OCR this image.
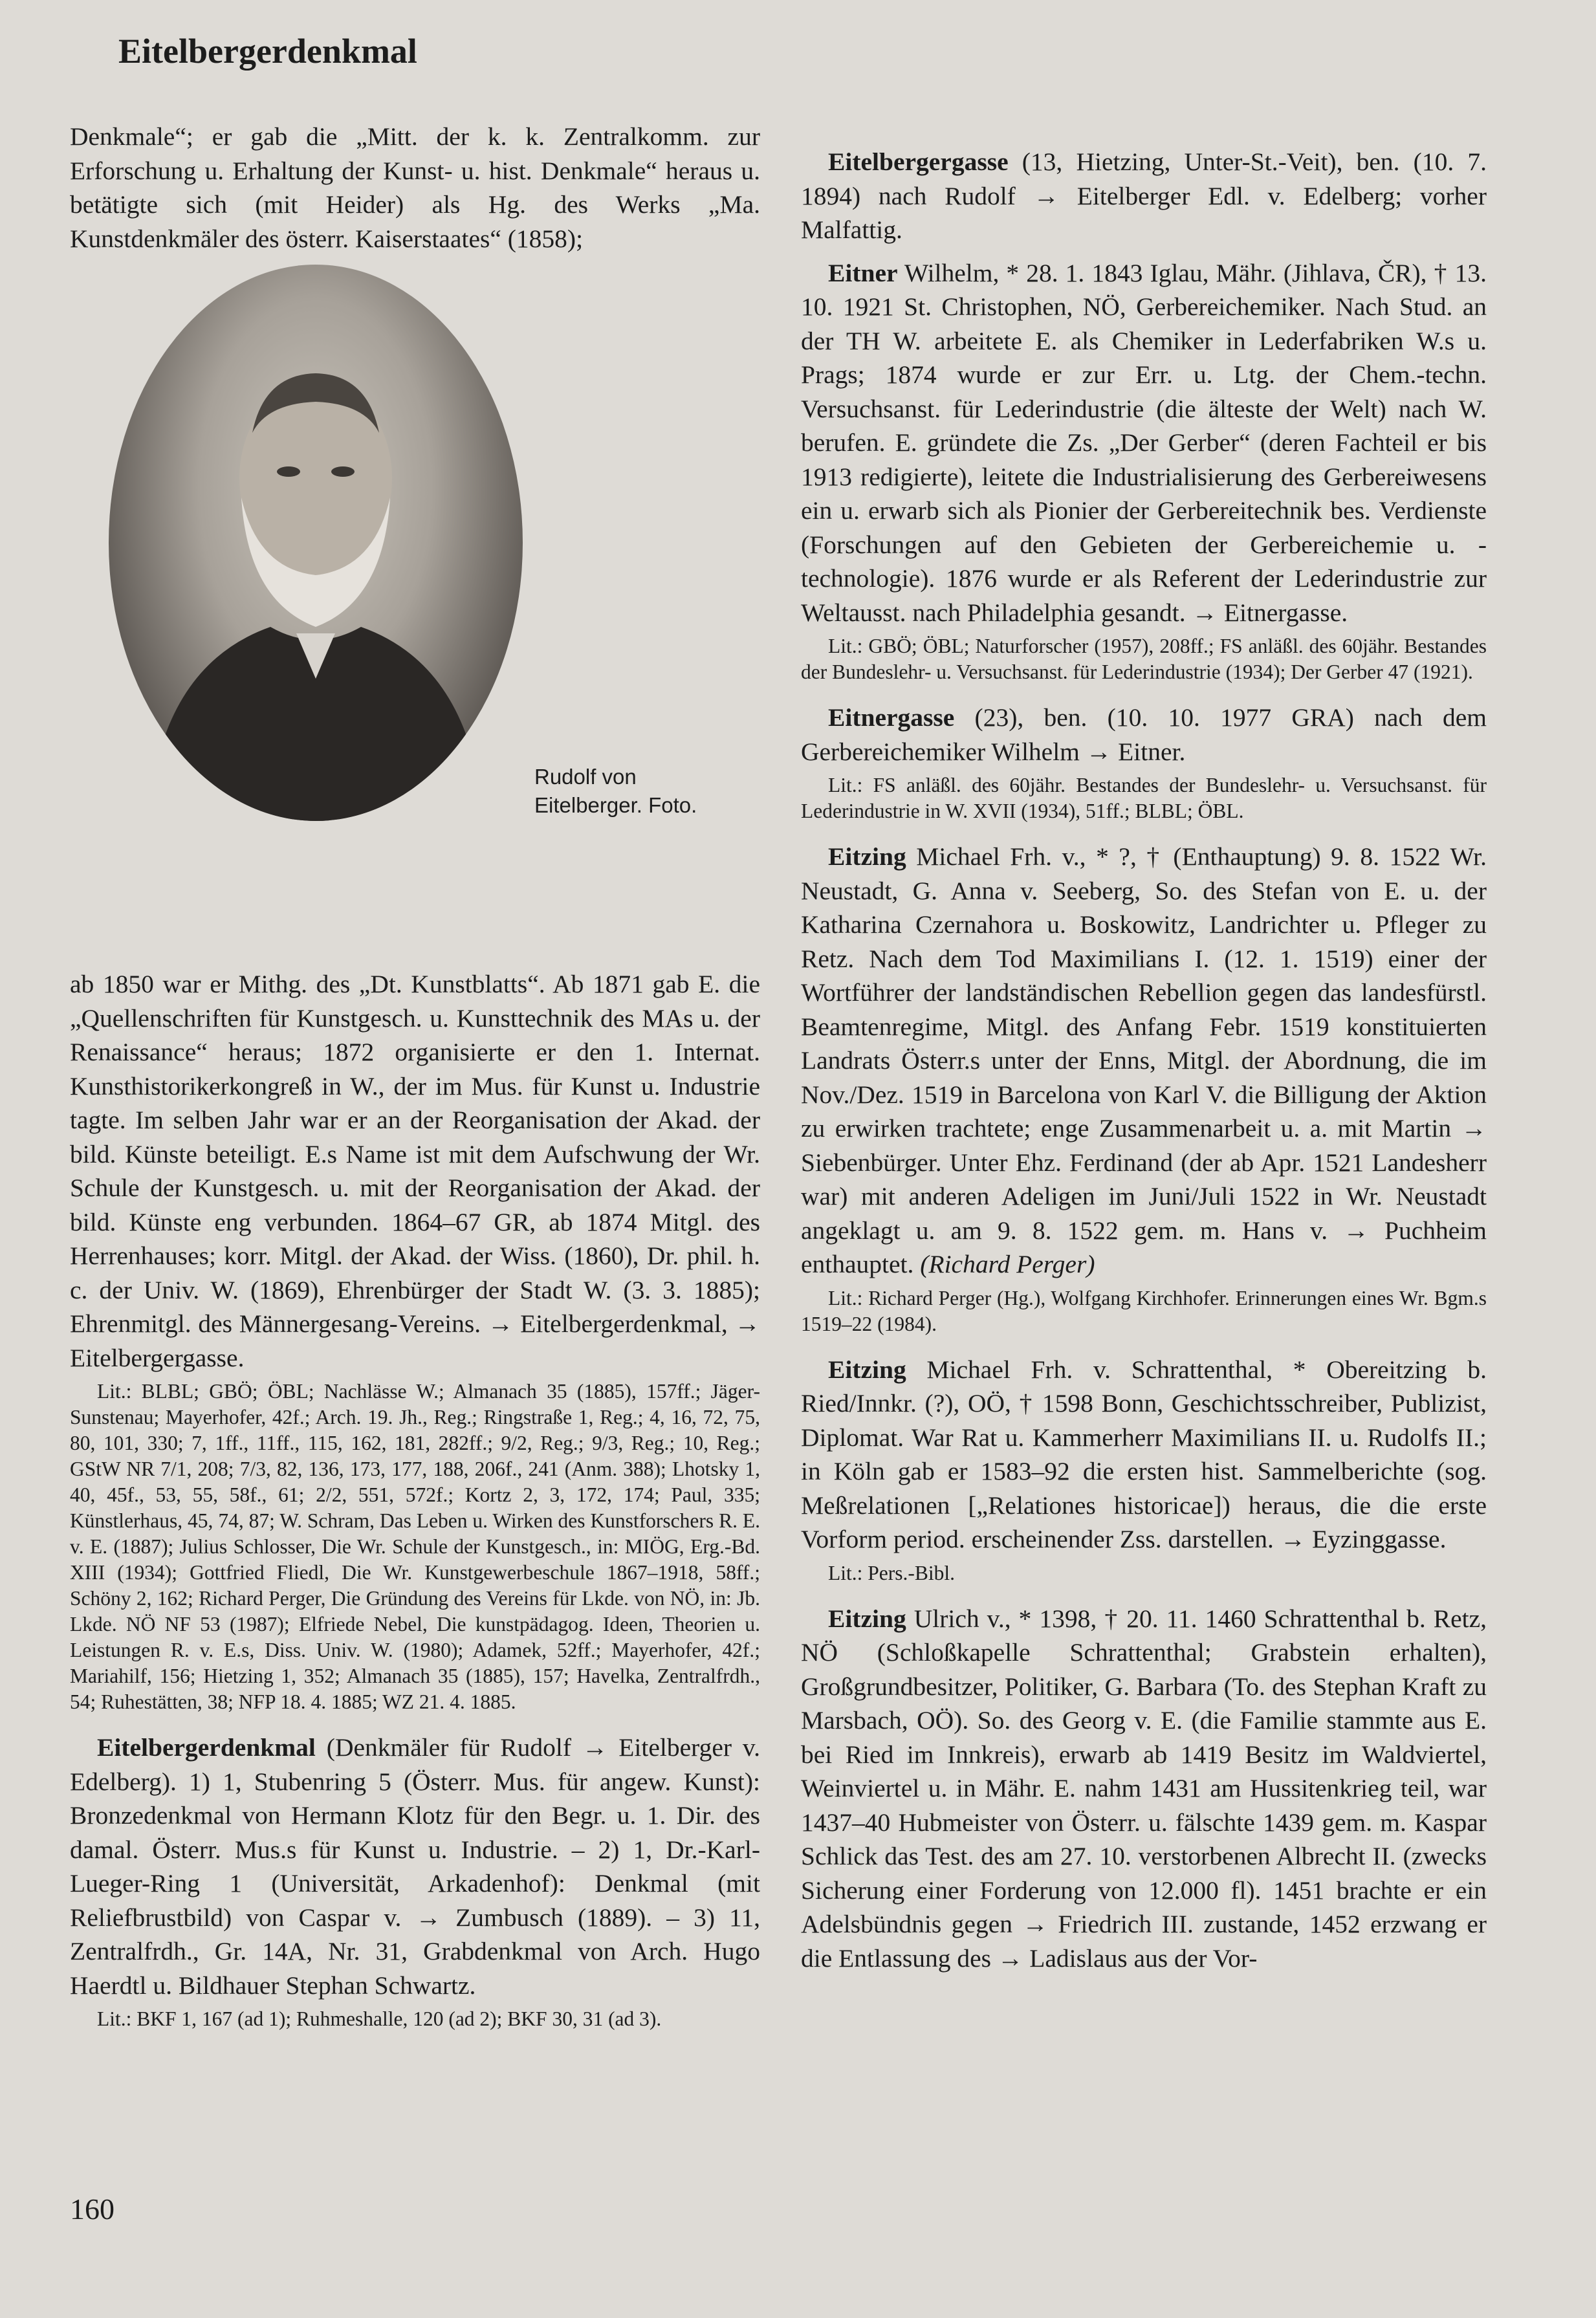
Eitelbergerdenkmal

Denkmale“; er gab die „Mitt. der k. k. Zentralkomm. zur Erforschung u. Erhaltung der Kunst- u. hist. Denkmale“ heraus u. betätigte sich (mit Heider) als Hg. des Werks „Ma. Kunstdenkmäler des österr. Kaiserstaates“ (1858);

Rudolf von
Eitelberger. Foto.

ab 1850 war er Mithg. des „Dt. Kunstblatts“. Ab 1871 gab E. die „Quellenschriften für Kunstgesch. u. Kunsttechnik des MAs u. der Renaissance“ heraus; 1872 organisierte er den 1. Internat. Kunsthistorikerkongreß in W., der im Mus. für Kunst u. Industrie tagte. Im selben Jahr war er an der Reorganisation der Akad. der bild. Künste beteiligt. E.s Name ist mit dem Aufschwung der Wr. Schule der Kunstgesch. u. mit der Reorganisation der Akad. der bild. Künste eng verbunden. 1864–67 GR, ab 1874 Mitgl. des Herrenhauses; korr. Mitgl. der Akad. der Wiss. (1860), Dr. phil. h. c. der Univ. W. (1869), Ehrenbürger der Stadt W. (3. 3. 1885); Ehrenmitgl. des Männergesang-Vereins. → Eitelbergerdenkmal, → Eitelbergergasse.

Lit.: BLBL; GBÖ; ÖBL; Nachlässe W.; Almanach 35 (1885), 157ff.; Jäger-Sunstenau; Mayerhofer, 42f.; Arch. 19. Jh., Reg.; Ringstraße 1, Reg.; 4, 16, 72, 75, 80, 101, 330; 7, 1ff., 11ff., 115, 162, 181, 282ff.; 9/2, Reg.; 9/3, Reg.; 10, Reg.; GStW NR 7/1, 208; 7/3, 82, 136, 173, 177, 188, 206f., 241 (Anm. 388); Lhotsky 1, 40, 45f., 53, 55, 58f., 61; 2/2, 551, 572f.; Kortz 2, 3, 172, 174; Paul, 335; Künstlerhaus, 45, 74, 87; W. Schram, Das Leben u. Wirken des Kunstforschers R. E. v. E. (1887); Julius Schlosser, Die Wr. Schule der Kunstgesch., in: MIÖG, Erg.-Bd. XIII (1934); Gottfried Fliedl, Die Wr. Kunstgewerbeschule 1867–1918, 58ff.; Schöny 2, 162; Richard Perger, Die Gründung des Vereins für Lkde. von NÖ, in: Jb. Lkde. NÖ NF 53 (1987); Elfriede Nebel, Die kunstpädagog. Ideen, Theorien u. Leistungen R. v. E.s, Diss. Univ. W. (1980); Adamek, 52ff.; Mayerhofer, 42f.; Mariahilf, 156; Hietzing 1, 352; Almanach 35 (1885), 157; Havelka, Zentralfrdh., 54; Ruhestätten, 38; NFP 18. 4. 1885; WZ 21. 4. 1885.

Eitelbergerdenkmal (Denkmäler für Rudolf → Eitelberger v. Edelberg). 1) 1, Stubenring 5 (Österr. Mus. für angew. Kunst): Bronzedenkmal von Hermann Klotz für den Begr. u. 1. Dir. des damal. Österr. Mus.s für Kunst u. Industrie. – 2) 1, Dr.-Karl-Lueger-Ring 1 (Universität, Arkadenhof): Denkmal (mit Reliefbrustbild) von Caspar v. → Zumbusch (1889). – 3) 11, Zentralfrdh., Gr. 14A, Nr. 31, Grabdenkmal von Arch. Hugo Haerdtl u. Bildhauer Stephan Schwartz.

Lit.: BKF 1, 167 (ad 1); Ruhmeshalle, 120 (ad 2); BKF 30, 31 (ad 3).

Eitelbergergasse (13, Hietzing, Unter-St.-Veit), ben. (10. 7. 1894) nach Rudolf → Eitelberger Edl. v. Edelberg; vorher Malfattig.

Eitner Wilhelm, * 28. 1. 1843 Iglau, Mähr. (Jihlava, ČR), † 13. 10. 1921 St. Christophen, NÖ, Gerbereichemiker. Nach Stud. an der TH W. arbeitete E. als Chemiker in Lederfabriken W.s u. Prags; 1874 wurde er zur Err. u. Ltg. der Chem.-techn. Versuchsanst. für Lederindustrie (die älteste der Welt) nach W. berufen. E. gründete die Zs. „Der Gerber“ (deren Fachteil er bis 1913 redigierte), leitete die Industrialisierung des Gerbereiwesens ein u. erwarb sich als Pionier der Gerbereitechnik bes. Verdienste (Forschungen auf den Gebieten der Gerbereichemie u. -technologie). 1876 wurde er als Referent der Lederindustrie zur Weltausst. nach Philadelphia gesandt. → Eitnergasse.

Lit.: GBÖ; ÖBL; Naturforscher (1957), 208ff.; FS anläßl. des 60jähr. Bestandes der Bundeslehr- u. Versuchsanst. für Lederindustrie (1934); Der Gerber 47 (1921).

Eitnergasse (23), ben. (10. 10. 1977 GRA) nach dem Gerbereichemiker Wilhelm → Eitner.

Lit.: FS anläßl. des 60jähr. Bestandes der Bundeslehr- u. Versuchsanst. für Lederindustrie in W. XVII (1934), 51ff.; BLBL; ÖBL.

Eitzing Michael Frh. v., * ?, † (Enthauptung) 9. 8. 1522 Wr. Neustadt, G. Anna v. Seeberg, So. des Stefan von E. u. der Katharina Czernahora u. Boskowitz, Landrichter u. Pfleger zu Retz. Nach dem Tod Maximilians I. (12. 1. 1519) einer der Wortführer der landständischen Rebellion gegen das landesfürstl. Beamtenregime, Mitgl. des Anfang Febr. 1519 konstituierten Landrats Österr.s unter der Enns, Mitgl. der Abordnung, die im Nov./Dez. 1519 in Barcelona von Karl V. die Billigung der Aktion zu erwirken trachtete; enge Zusammenarbeit u. a. mit Martin → Siebenbürger. Unter Ehz. Ferdinand (der ab Apr. 1521 Landesherr war) mit anderen Adeligen im Juni/Juli 1522 in Wr. Neustadt angeklagt u. am 9. 8. 1522 gem. m. Hans v. → Puchheim enthauptet. (Richard Perger)

Lit.: Richard Perger (Hg.), Wolfgang Kirchhofer. Erinnerungen eines Wr. Bgm.s 1519–22 (1984).

Eitzing Michael Frh. v. Schrattenthal, * Obereitzing b. Ried/Innkr. (?), OÖ, † 1598 Bonn, Geschichtsschreiber, Publizist, Diplomat. War Rat u. Kammerherr Maximilians II. u. Rudolfs II.; in Köln gab er 1583–92 die ersten hist. Sammelberichte (sog. Meßrelationen [„Relationes historicae]) heraus, die die erste Vorform period. erscheinender Zss. darstellen. → Eyzinggasse.

Lit.: Pers.-Bibl.

Eitzing Ulrich v., * 1398, † 20. 11. 1460 Schrattenthal b. Retz, NÖ (Schloßkapelle Schrattenthal; Grabstein erhalten), Großgrundbesitzer, Politiker, G. Barbara (To. des Stephan Kraft zu Marsbach, OÖ). So. des Georg v. E. (die Familie stammte aus E. bei Ried im Innkreis), erwarb ab 1419 Besitz im Waldviertel, Weinviertel u. in Mähr. E. nahm 1431 am Hussitenkrieg teil, war 1437–40 Hubmeister von Österr. u. fälschte 1439 gem. m. Kaspar Schlick das Test. des am 27. 10. verstorbenen Albrecht II. (zwecks Sicherung einer Forderung von 12.000 fl). 1451 brachte er ein Adelsbündnis gegen → Friedrich III. zustande, 1452 erzwang er die Entlassung des → Ladislaus aus der Vor-

160
